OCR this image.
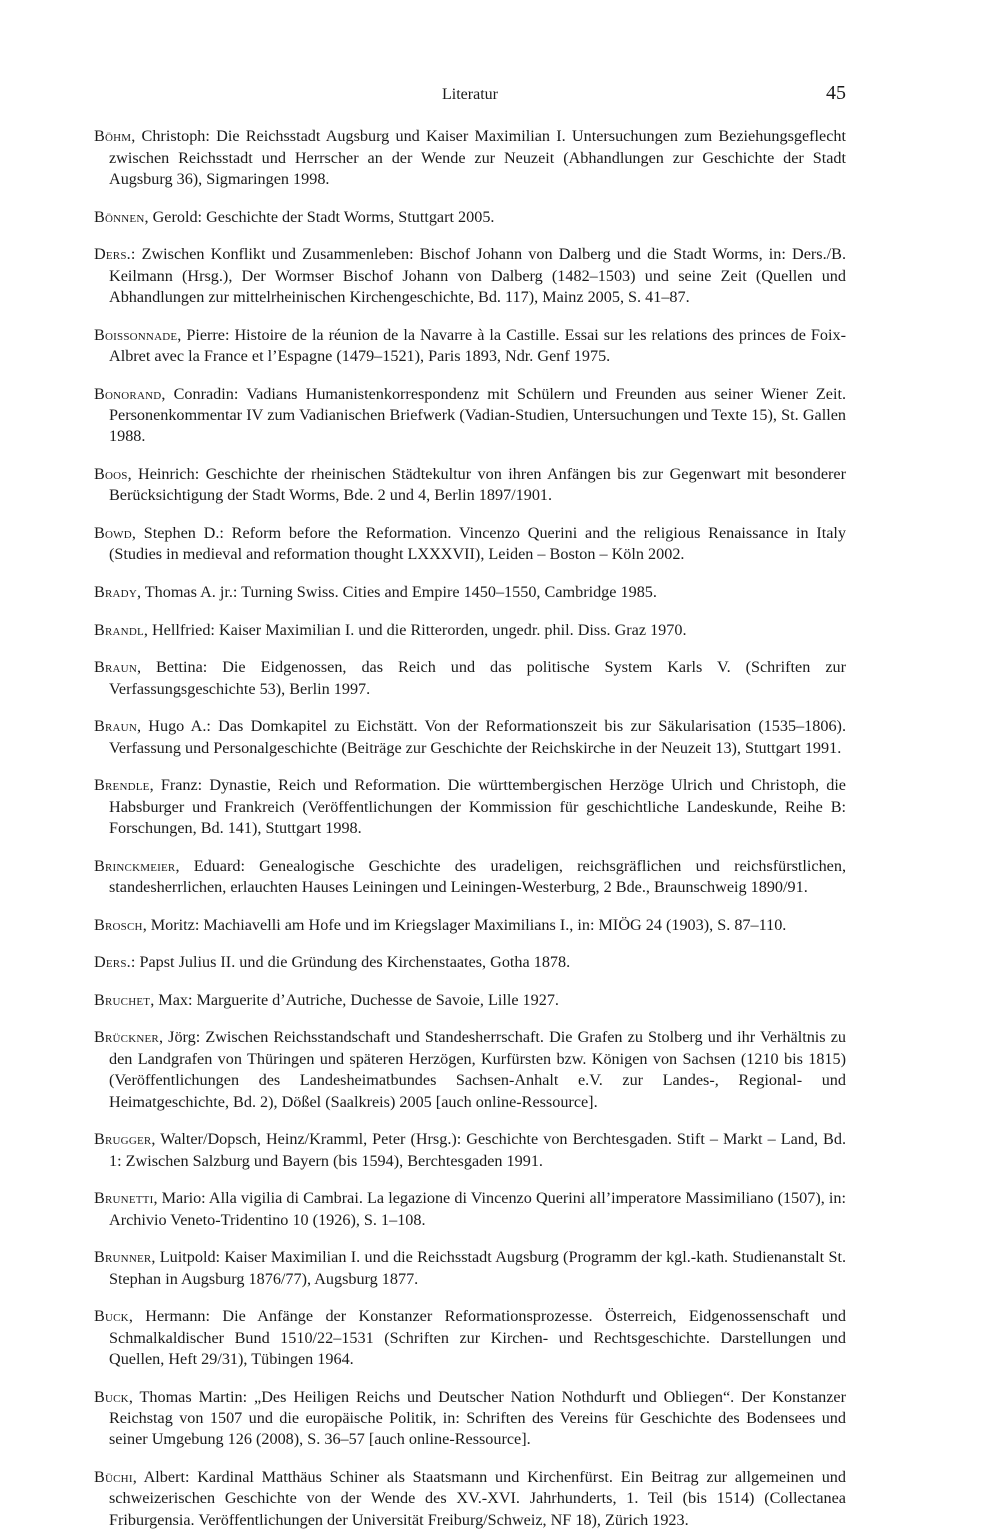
Literatur	45

Böhm, Christoph: Die Reichsstadt Augsburg und Kaiser Maximilian I. Untersuchungen zum Beziehungsgeflecht zwischen Reichsstadt und Herrscher an der Wende zur Neuzeit (Abhandlungen zur Geschichte der Stadt Augsburg 36), Sigmaringen 1998.

Bönnen, Gerold: Geschichte der Stadt Worms, Stuttgart 2005.

Ders.: Zwischen Konflikt und Zusammenleben: Bischof Johann von Dalberg und die Stadt Worms, in: Ders./B. Keilmann (Hrsg.), Der Wormser Bischof Johann von Dalberg (1482–1503) und seine Zeit (Quellen und Abhandlungen zur mittelrheinischen Kirchengeschichte, Bd. 117), Mainz 2005, S. 41–87.

Boissonnade, Pierre: Histoire de la réunion de la Navarre à la Castille. Essai sur les relations des princes de Foix-Albret avec la France et l’Espagne (1479–1521), Paris 1893, Ndr. Genf 1975.

Bonorand, Conradin: Vadians Humanistenkorrespondenz mit Schülern und Freunden aus seiner Wiener Zeit. Personenkommentar IV zum Vadianischen Briefwerk (Vadian-Studien, Untersuchungen und Texte 15), St. Gallen 1988.

Boos, Heinrich: Geschichte der rheinischen Städtekultur von ihren Anfängen bis zur Gegenwart mit besonderer Berücksichtigung der Stadt Worms, Bde. 2 und 4, Berlin 1897/1901.

Bowd, Stephen D.: Reform before the Reformation. Vincenzo Querini and the religious Renaissance in Italy (Studies in medieval and reformation thought LXXXVII), Leiden – Boston – Köln 2002.

Brady, Thomas A. jr.: Turning Swiss. Cities and Empire 1450–1550, Cambridge 1985.

Brandl, Hellfried: Kaiser Maximilian I. und die Ritterorden, ungedr. phil. Diss. Graz 1970.

Braun, Bettina: Die Eidgenossen, das Reich und das politische System Karls V. (Schriften zur Verfassungsgeschichte 53), Berlin 1997.

Braun, Hugo A.: Das Domkapitel zu Eichstätt. Von der Reformationszeit bis zur Säkularisation (1535–1806). Verfassung und Personalgeschichte (Beiträge zur Geschichte der Reichskirche in der Neuzeit 13), Stuttgart 1991.

Brendle, Franz: Dynastie, Reich und Reformation. Die württembergischen Herzöge Ulrich und Christoph, die Habsburger und Frankreich (Veröffentlichungen der Kommission für geschichtliche Landeskunde, Reihe B: Forschungen, Bd. 141), Stuttgart 1998.

Brinckmeier, Eduard: Genealogische Geschichte des uradeligen, reichsgräflichen und reichsfürstlichen, standesherrlichen, erlauchten Hauses Leiningen und Leiningen-Westerburg, 2 Bde., Braunschweig 1890/91.

Brosch, Moritz: Machiavelli am Hofe und im Kriegslager Maximilians I., in: MIÖG 24 (1903), S. 87–110.

Ders.: Papst Julius II. und die Gründung des Kirchenstaates, Gotha 1878.

Bruchet, Max: Marguerite d’Autriche, Duchesse de Savoie, Lille 1927.

Brückner, Jörg: Zwischen Reichsstandschaft und Standesherrschaft. Die Grafen zu Stolberg und ihr Verhältnis zu den Landgrafen von Thüringen und späteren Herzögen, Kurfürsten bzw. Königen von Sachsen (1210 bis 1815) (Veröffentlichungen des Landesheimatbundes Sachsen-Anhalt e.V. zur Landes-, Regional- und Heimatgeschichte, Bd. 2), Dößel (Saalkreis) 2005 [auch online-Ressource].

Brugger, Walter/Dopsch, Heinz/Kramml, Peter (Hrsg.): Geschichte von Berchtesgaden. Stift – Markt – Land, Bd. 1: Zwischen Salzburg und Bayern (bis 1594), Berchtesgaden 1991.

Brunetti, Mario: Alla vigilia di Cambrai. La legazione di Vincenzo Querini all’imperatore Massimiliano (1507), in: Archivio Veneto-Tridentino 10 (1926), S. 1–108.

Brunner, Luitpold: Kaiser Maximilian I. und die Reichsstadt Augsburg (Programm der kgl.-kath. Studienanstalt St. Stephan in Augsburg 1876/77), Augsburg 1877.

Buck, Hermann: Die Anfänge der Konstanzer Reformationsprozesse. Österreich, Eidgenossenschaft und Schmalkaldischer Bund 1510/22–1531 (Schriften zur Kirchen- und Rechtsgeschichte. Darstellungen und Quellen, Heft 29/31), Tübingen 1964.

Buck, Thomas Martin: „Des Heiligen Reichs und Deutscher Nation Nothdurft und Obliegen“. Der Konstanzer Reichstag von 1507 und die europäische Politik, in: Schriften des Vereins für Geschichte des Bodensees und seiner Umgebung 126 (2008), S. 36–57 [auch online-Ressource].

Büchi, Albert: Kardinal Matthäus Schiner als Staatsmann und Kirchenfürst. Ein Beitrag zur allgemeinen und schweizerischen Geschichte von der Wende des XV.-XVI. Jahrhunderts, 1. Teil (bis 1514) (Collectanea Friburgensia. Veröffentlichungen der Universität Freiburg/Schweiz, NF 18), Zürich 1923.
